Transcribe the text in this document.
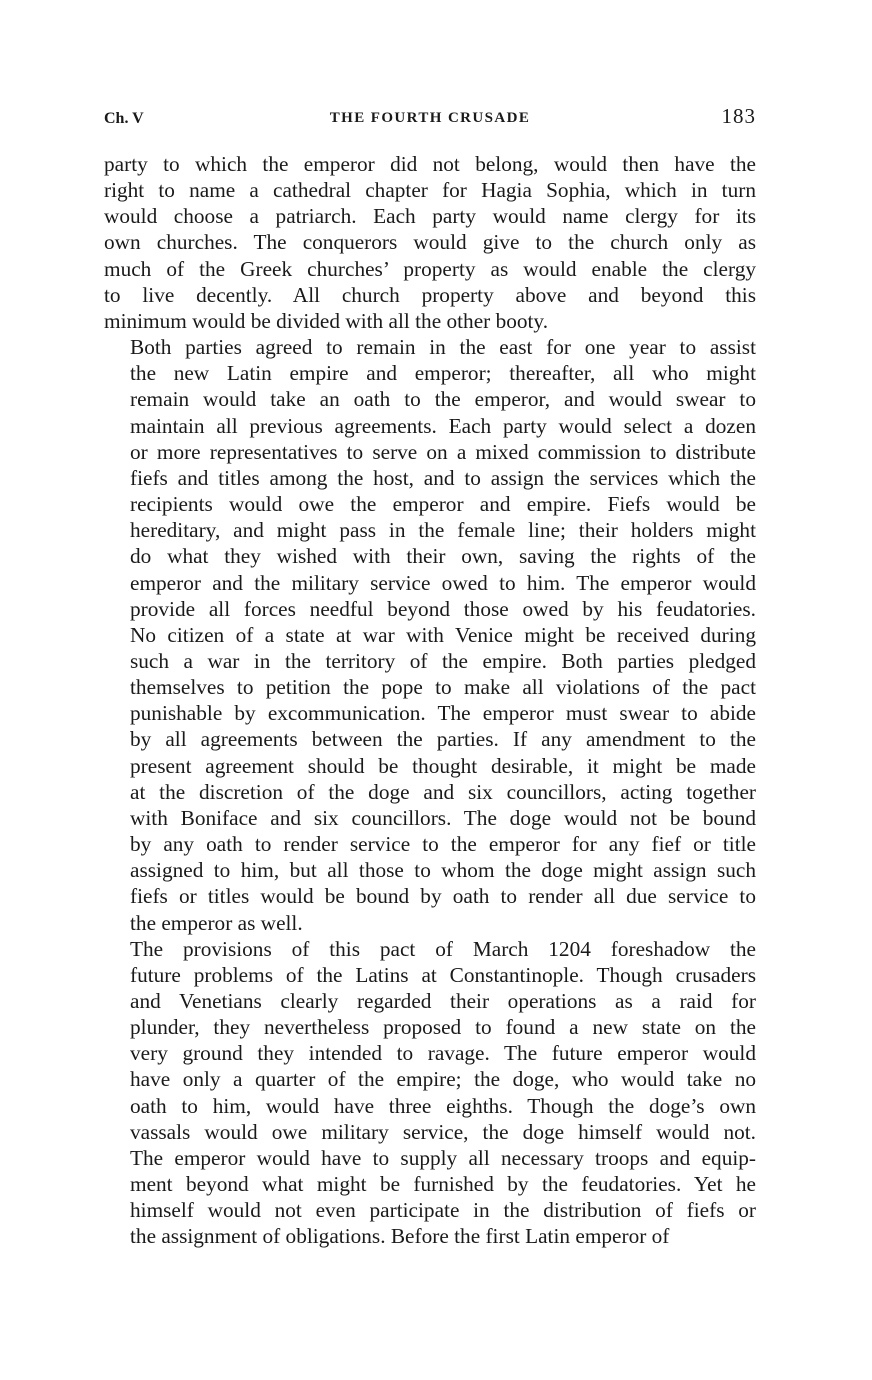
Ch. V	THE FOURTH CRUSADE	183

party to which the emperor did not belong, would then have the
right to name a cathedral chapter for Hagia Sophia, which in turn
would choose a patriarch. Each party would name clergy for its
own churches. The conquerors would give to the church only as
much of the Greek churches’ property as would enable the clergy
to live decently. All church property above and beyond this
minimum would be divided with all the other booty.

Both parties agreed to remain in the east for one year to assist
the new Latin empire and emperor; thereafter, all who might
remain would take an oath to the emperor, and would swear to
maintain all previous agreements. Each party would select a dozen
or more representatives to serve on a mixed commission to distribute
fiefs and titles among the host, and to assign the services which the
recipients would owe the emperor and empire. Fiefs would be
hereditary, and might pass in the female line; their holders might
do what they wished with their own, saving the rights of the
emperor and the military service owed to him. The emperor would
provide all forces needful beyond those owed by his feudatories.
No citizen of a state at war with Venice might be received during
such a war in the territory of the empire. Both parties pledged
themselves to petition the pope to make all violations of the pact
punishable by excommunication. The emperor must swear to abide
by all agreements between the parties. If any amendment to the
present agreement should be thought desirable, it might be made
at the discretion of the doge and six councillors, acting together
with Boniface and six councillors. The doge would not be bound
by any oath to render service to the emperor for any fief or title
assigned to him, but all those to whom the doge might assign such
fiefs or titles would be bound by oath to render all due service to
the emperor as well.

The provisions of this pact of March 1204 foreshadow the
future problems of the Latins at Constantinople. Though crusaders
and Venetians clearly regarded their operations as a raid for
plunder, they nevertheless proposed to found a new state on the
very ground they intended to ravage. The future emperor would
have only a quarter of the empire; the doge, who would take no
oath to him, would have three eighths. Though the doge’s own
vassals would owe military service, the doge himself would not.
The emperor would have to supply all necessary troops and equip-
ment beyond what might be furnished by the feudatories. Yet he
himself would not even participate in the distribution of fiefs or
the assignment of obligations. Before the first Latin emperor of
